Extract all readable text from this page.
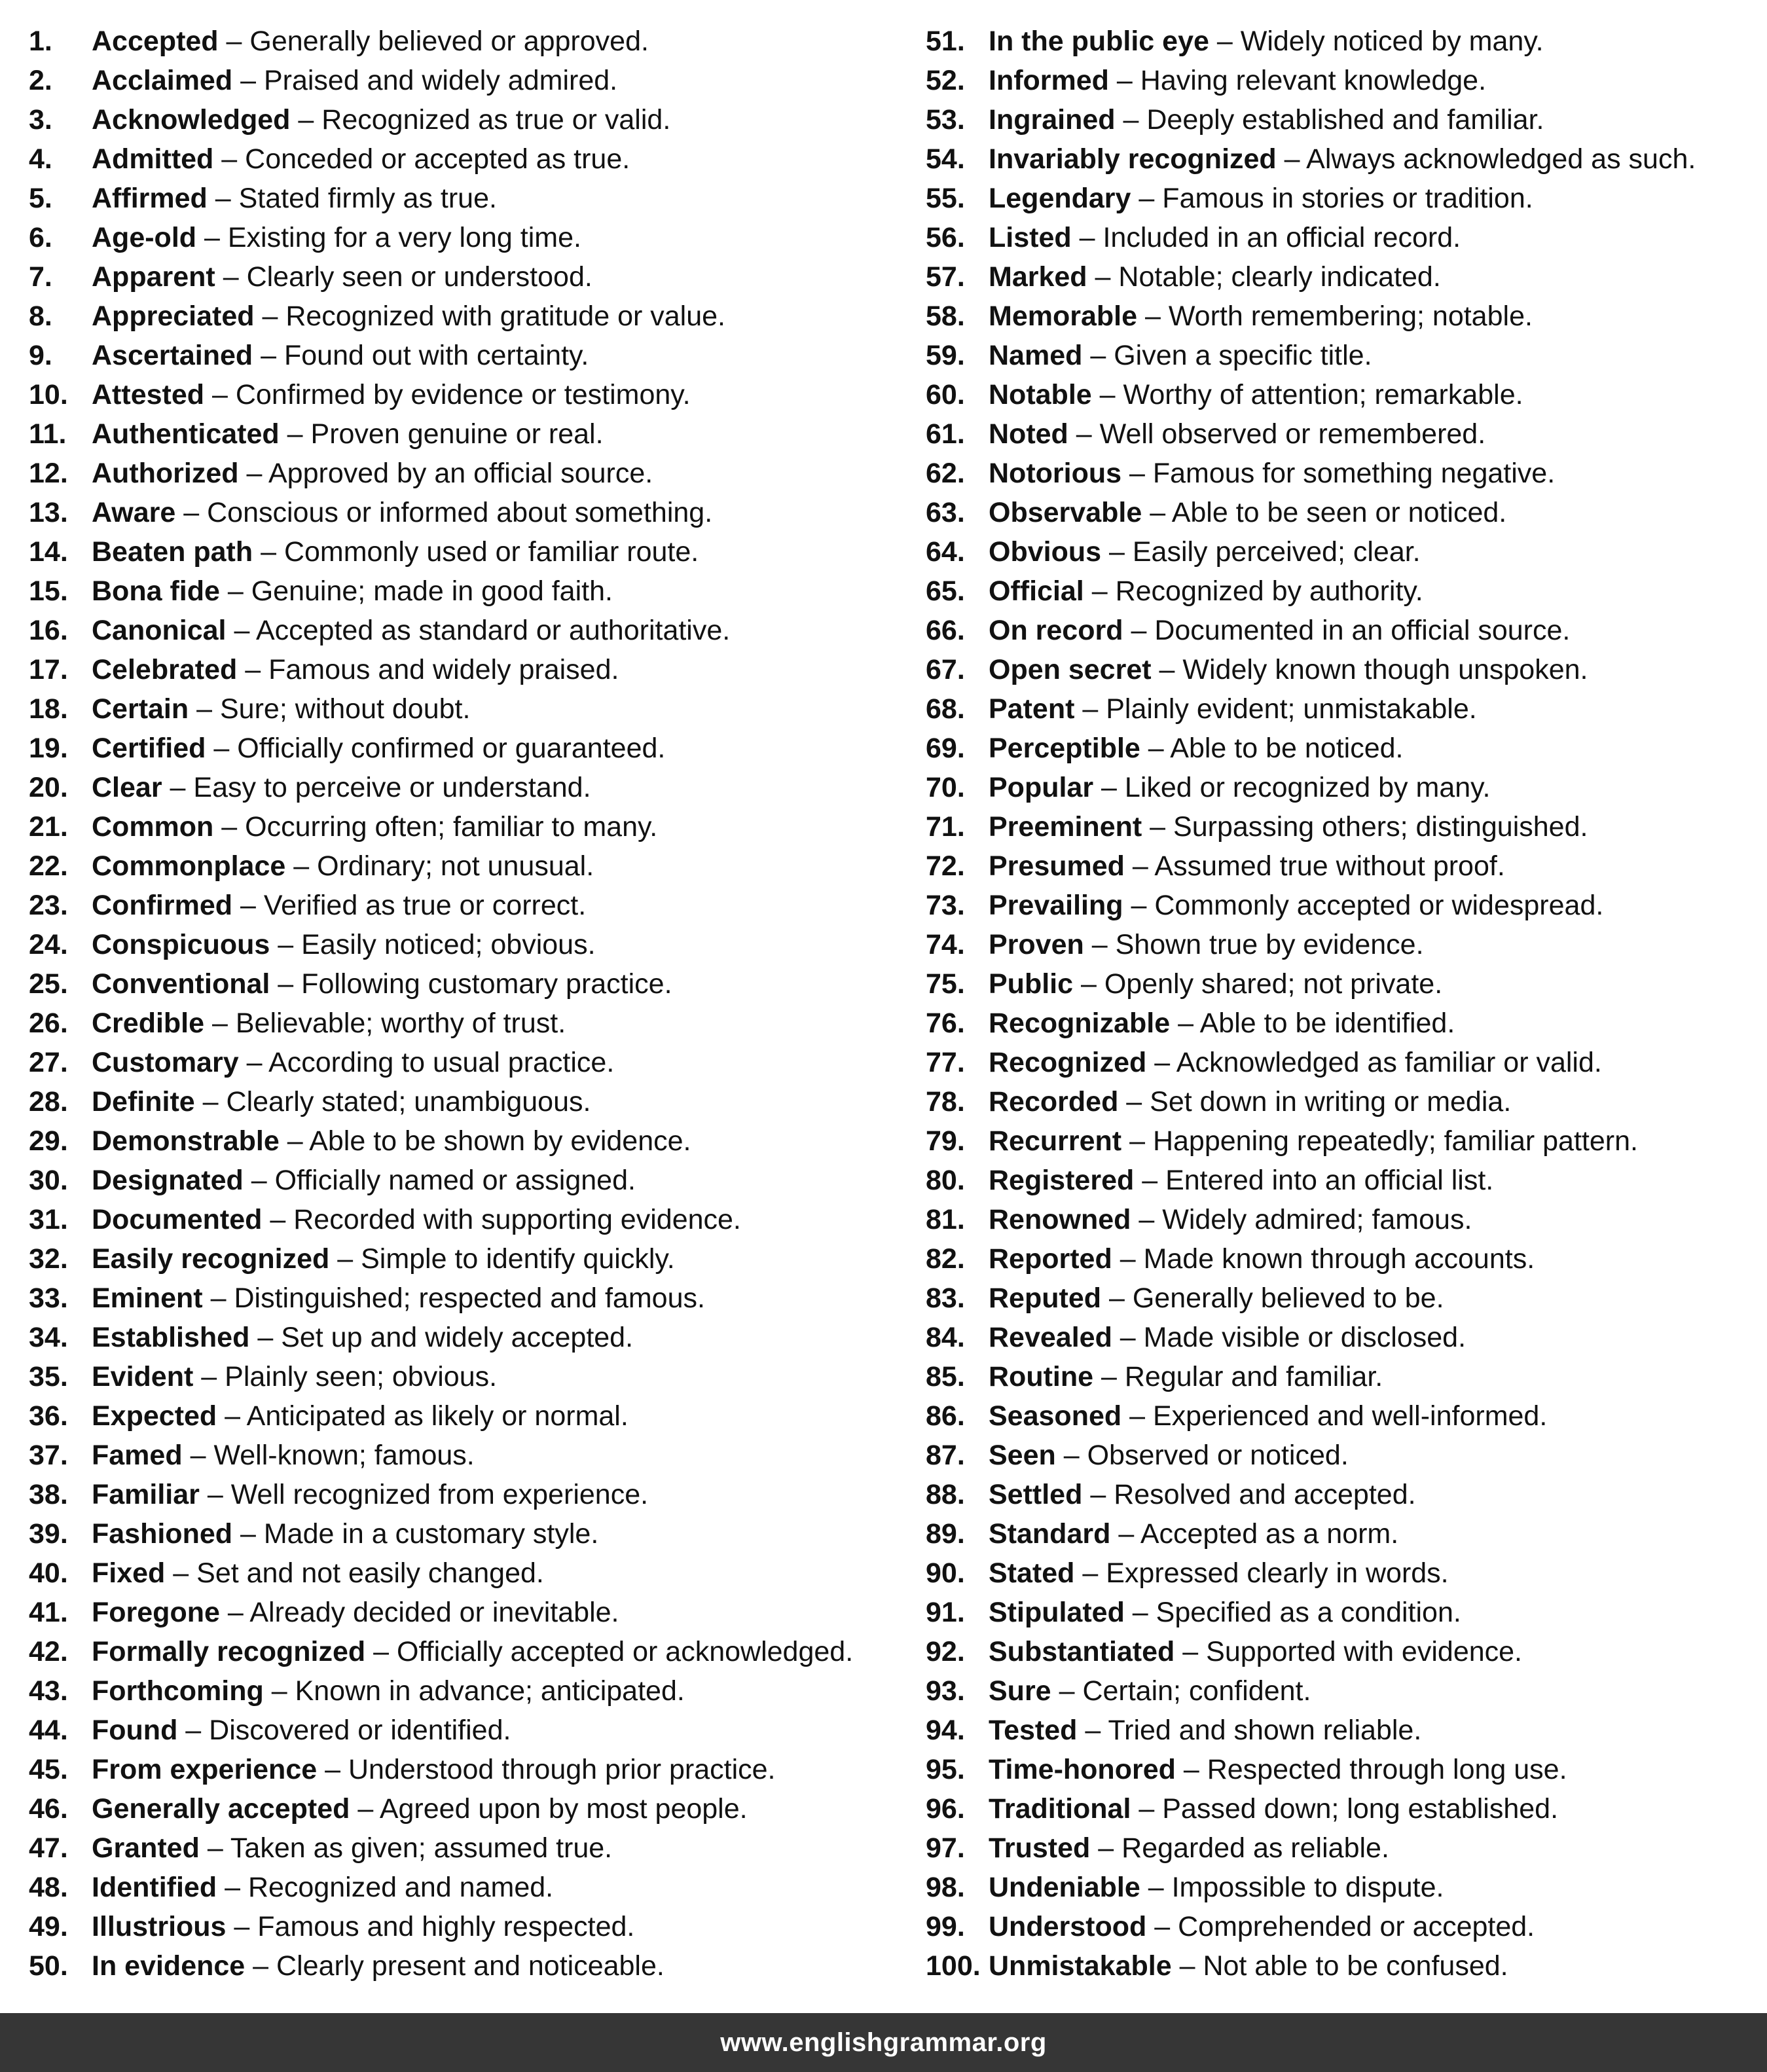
1. Accepted – Generally believed or approved.
2. Acclaimed – Praised and widely admired.
3. Acknowledged – Recognized as true or valid.
4. Admitted – Conceded or accepted as true.
5. Affirmed – Stated firmly as true.
6. Age-old – Existing for a very long time.
7. Apparent – Clearly seen or understood.
8. Appreciated – Recognized with gratitude or value.
9. Ascertained – Found out with certainty.
10. Attested – Confirmed by evidence or testimony.
11. Authenticated – Proven genuine or real.
12. Authorized – Approved by an official source.
13. Aware – Conscious or informed about something.
14. Beaten path – Commonly used or familiar route.
15. Bona fide – Genuine; made in good faith.
16. Canonical – Accepted as standard or authoritative.
17. Celebrated – Famous and widely praised.
18. Certain – Sure; without doubt.
19. Certified – Officially confirmed or guaranteed.
20. Clear – Easy to perceive or understand.
21. Common – Occurring often; familiar to many.
22. Commonplace – Ordinary; not unusual.
23. Confirmed – Verified as true or correct.
24. Conspicuous – Easily noticed; obvious.
25. Conventional – Following customary practice.
26. Credible – Believable; worthy of trust.
27. Customary – According to usual practice.
28. Definite – Clearly stated; unambiguous.
29. Demonstrable – Able to be shown by evidence.
30. Designated – Officially named or assigned.
31. Documented – Recorded with supporting evidence.
32. Easily recognized – Simple to identify quickly.
33. Eminent – Distinguished; respected and famous.
34. Established – Set up and widely accepted.
35. Evident – Plainly seen; obvious.
36. Expected – Anticipated as likely or normal.
37. Famed – Well-known; famous.
38. Familiar – Well recognized from experience.
39. Fashioned – Made in a customary style.
40. Fixed – Set and not easily changed.
41. Foregone – Already decided or inevitable.
42. Formally recognized – Officially accepted or acknowledged.
43. Forthcoming – Known in advance; anticipated.
44. Found – Discovered or identified.
45. From experience – Understood through prior practice.
46. Generally accepted – Agreed upon by most people.
47. Granted – Taken as given; assumed true.
48. Identified – Recognized and named.
49. Illustrious – Famous and highly respected.
50. In evidence – Clearly present and noticeable.
51. In the public eye – Widely noticed by many.
52. Informed – Having relevant knowledge.
53. Ingrained – Deeply established and familiar.
54. Invariably recognized – Always acknowledged as such.
55. Legendary – Famous in stories or tradition.
56. Listed – Included in an official record.
57. Marked – Notable; clearly indicated.
58. Memorable – Worth remembering; notable.
59. Named – Given a specific title.
60. Notable – Worthy of attention; remarkable.
61. Noted – Well observed or remembered.
62. Notorious – Famous for something negative.
63. Observable – Able to be seen or noticed.
64. Obvious – Easily perceived; clear.
65. Official – Recognized by authority.
66. On record – Documented in an official source.
67. Open secret – Widely known though unspoken.
68. Patent – Plainly evident; unmistakable.
69. Perceptible – Able to be noticed.
70. Popular – Liked or recognized by many.
71. Preeminent – Surpassing others; distinguished.
72. Presumed – Assumed true without proof.
73. Prevailing – Commonly accepted or widespread.
74. Proven – Shown true by evidence.
75. Public – Openly shared; not private.
76. Recognizable – Able to be identified.
77. Recognized – Acknowledged as familiar or valid.
78. Recorded – Set down in writing or media.
79. Recurrent – Happening repeatedly; familiar pattern.
80. Registered – Entered into an official list.
81. Renowned – Widely admired; famous.
82. Reported – Made known through accounts.
83. Reputed – Generally believed to be.
84. Revealed – Made visible or disclosed.
85. Routine – Regular and familiar.
86. Seasoned – Experienced and well-informed.
87. Seen – Observed or noticed.
88. Settled – Resolved and accepted.
89. Standard – Accepted as a norm.
90. Stated – Expressed clearly in words.
91. Stipulated – Specified as a condition.
92. Substantiated – Supported with evidence.
93. Sure – Certain; confident.
94. Tested – Tried and shown reliable.
95. Time-honored – Respected through long use.
96. Traditional – Passed down; long established.
97. Trusted – Regarded as reliable.
98. Undeniable – Impossible to dispute.
99. Understood – Comprehended or accepted.
100. Unmistakable – Not able to be confused.
www.englishgrammar.org
